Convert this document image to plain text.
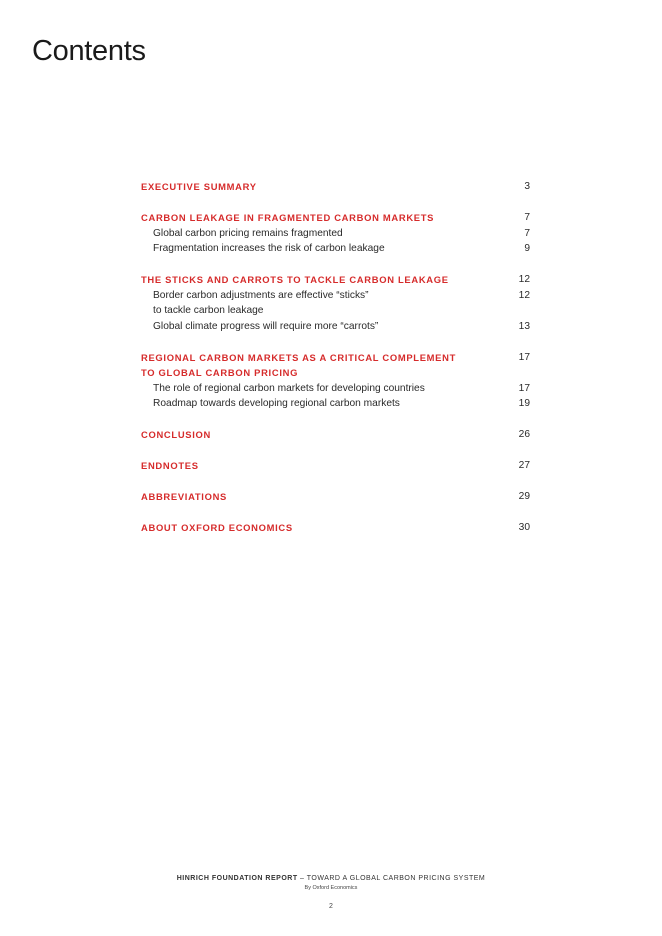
Contents
EXECUTIVE SUMMARY	3
CARBON LEAKAGE IN FRAGMENTED CARBON MARKETS	7
Global carbon pricing remains fragmented	7
Fragmentation increases the risk of carbon leakage	9
THE STICKS AND CARROTS TO TACKLE CARBON LEAKAGE	12
Border carbon adjustments are effective “sticks”	12
to tackle carbon leakage
Global climate progress will require more “carrots”	13
REGIONAL CARBON MARKETS AS A CRITICAL COMPLEMENT	17
TO GLOBAL CARBON PRICING
The role of regional carbon markets for developing countries	17
Roadmap towards developing regional carbon markets	19
CONCLUSION	26
ENDNOTES	27
ABBREVIATIONS	29
ABOUT OXFORD ECONOMICS	30
HINRICH FOUNDATION REPORT – TOWARD A GLOBAL CARBON PRICING SYSTEM
By Oxford Economics
2
